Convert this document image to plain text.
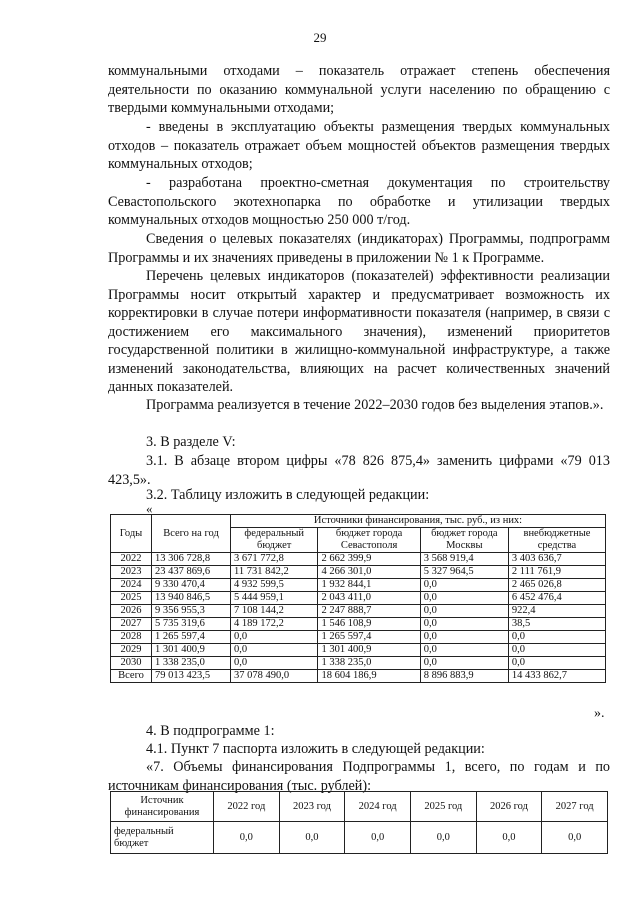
29

коммунальными отходами – показатель отражает степень обеспечения деятельности по оказанию коммунальной услуги населению по обращению с твердыми коммунальными отходами;

- введены в эксплуатацию объекты размещения твердых коммунальных отходов – показатель отражает объем мощностей объектов размещения твердых коммунальных отходов;

- разработана проектно-сметная документация по строительству Севастопольского экотехнопарка по обработке и утилизации твердых коммунальных отходов мощностью 250 000 т/год.

Сведения о целевых показателях (индикаторах) Программы, подпрограмм Программы и их значениях приведены в приложении № 1 к Программе.

Перечень целевых индикаторов (показателей) эффективности реализации Программы носит открытый характер и предусматривает возможность их корректировки в случае потери информативности показателя (например, в связи с достижением его максимального значения), изменений приоритетов государственной политики в жилищно-коммунальной инфраструктуре, а также изменений законодательства, влияющих на расчет количественных значений данных показателей.

Программа реализуется в течение 2022–2030 годов без выделения этапов.».

3. В разделе V:

3.1. В абзаце втором цифры «78 826 875,4» заменить цифрами «79 013 423,5».

3.2. Таблицу изложить в следующей редакции:

«

Годы	Всего на год	Источники финансирования, тыс. руб., из них:			
		федеральный бюджет	бюджет города Севастополя	бюджет города Москвы	внебюджетные средства
2022	13 306 728,8	3 671 772,8	2 662 399,9	3 568 919,4	3 403 636,7
2023	23 437 869,6	11 731 842,2	4 266 301,0	5 327 964,5	2 111 761,9
2024	9 330 470,4	4 932 599,5	1 932 844,1	0,0	2 465 026,8
2025	13 940 846,5	5 444 959,1	2 043 411,0	0,0	6 452 476,4
2026	9 356 955,3	7 108 144,2	2 247 888,7	0,0	922,4
2027	5 735 319,6	4 189 172,2	1 546 108,9	0,0	38,5
2028	1 265 597,4	0,0	1 265 597,4	0,0	0,0
2029	1 301 400,9	0,0	1 301 400,9	0,0	0,0
2030	1 338 235,0	0,0	1 338 235,0	0,0	0,0
Всего	79 013 423,5	37 078 490,0	18 604 186,9	8 896 883,9	14 433 862,7
».

4. В подпрограмме 1:

4.1. Пункт 7 паспорта изложить в следующей редакции:

«7. Объемы финансирования Подпрограммы 1, всего, по годам и по источникам финансирования (тыс. рублей):

Источник финансирования	2022 год	2023 год	2024 год	2025 год	2026 год	2027 год
федеральный бюджет	0,0	0,0	0,0	0,0	0,0	0,0
